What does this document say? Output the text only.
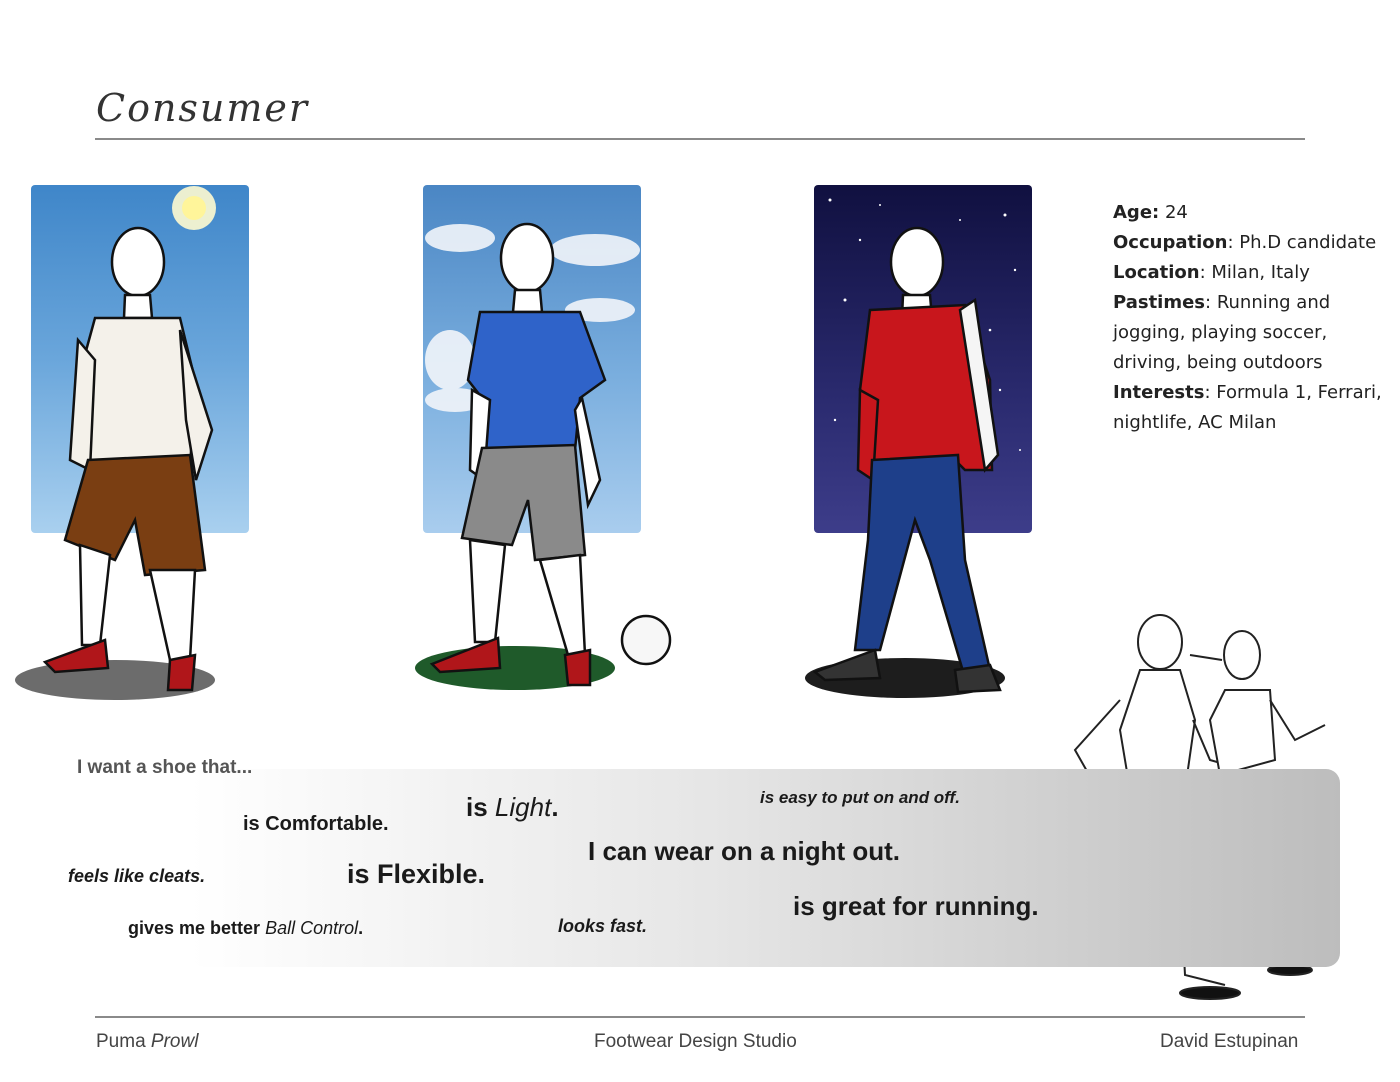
Consumer
Age: 24
Occupation: Ph.D candidate
Location: Milan, Italy
Pastimes: Running and jogging, playing soccer, driving, being outdoors
Interests: Formula 1, Ferrari, nightlife, AC Milan
I want a shoe that...
is Comfortable.
is Light.	is easy to put on and off.
I can wear on a night out.
feels like cleats.	is Flexible.
is great for running.
gives me better Ball Control.	looks fast.
Puma Prowl	Footwear Design Studio	David Estupinan
